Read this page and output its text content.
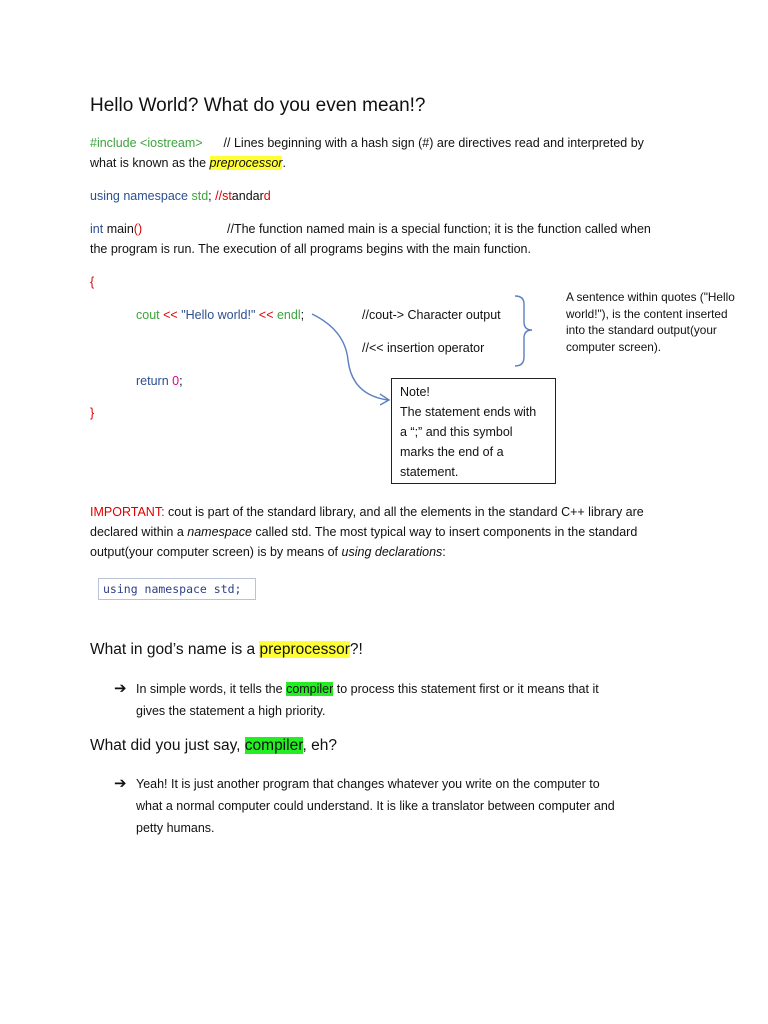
Hello World? What do you even mean!?
#include <iostream> // Lines beginning with a hash sign (#) are directives read and interpreted by
what is known as the preprocessor.
using namespace std; //standard
int main()	//The function named main is a special function; it is the function called when
the program is run. The execution of all programs begins with the main function.
{
cout << "Hello world!" << endl;	//cout-> Character output
//<< insertion operator
return 0;
}
A sentence within quotes ("Hello world!"), is the content inserted into the standard output(your computer screen).
Note!
The statement ends with
a “;” and this symbol
marks the end of a
statement.
IMPORTANT: cout is part of the standard library, and all the elements in the standard C++ library are
declared within a namespace called std. The most typical way to insert components in the standard
output(your computer screen) is by means of using declarations:
using namespace std;
What in god’s name is a preprocessor?!
➔ In simple words, it tells the compiler to process this statement first or it means that it
gives the statement a high priority.
What did you just say, compiler, eh?
➔ Yeah! It is just another program that changes whatever you write on the computer to
what a normal computer could understand. It is like a translator between computer and
petty humans.
